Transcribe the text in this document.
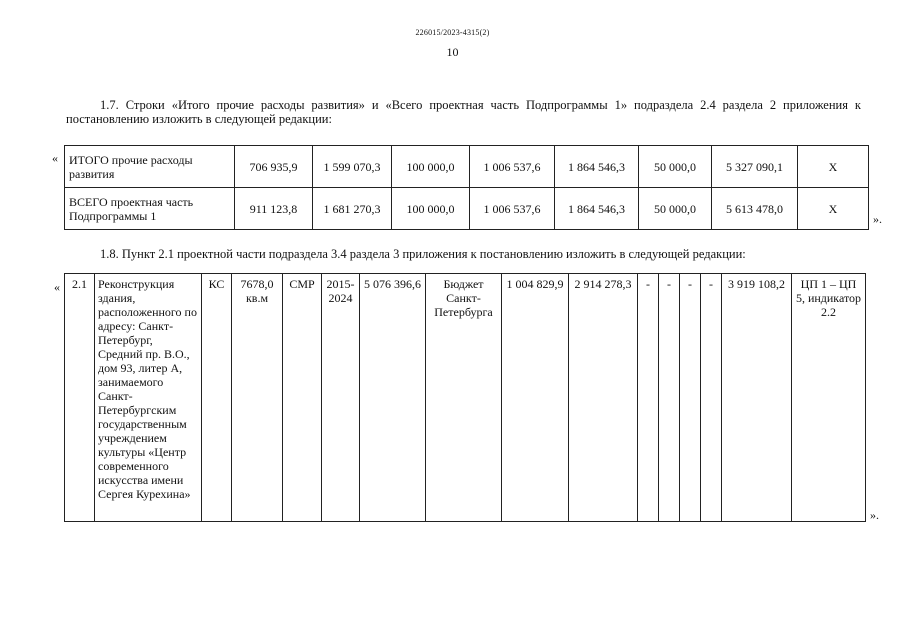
226015/2023-4315(2)
10
1.7. Строки «Итого прочие расходы развития» и «Всего проектная часть Подпрограммы 1» подраздела 2.4 раздела 2 приложения к постановлению изложить в следующей редакции:
« ИТОГО прочие расходы развития	706 935,9	1 599 070,3	100 000,0	1 006 537,6	1 864 546,3	50 000,0	5 327 090,1	X
ВСЕГО проектная часть Подпрограммы 1	911 123,8	1 681 270,3	100 000,0	1 006 537,6	1 864 546,3	50 000,0	5 613 478,0	X
».
1.8. Пункт 2.1 проектной части подраздела 3.4 раздела 3 приложения к постановлению изложить в следующей редакции:
« 2.1	Реконструкция здания, расположенного по адресу: Санкт-Петербург, Средний пр. В.О., дом 93, литер А, занимаемого Санкт-Петербургским государственным учреждением культуры «Центр современного искусства имени Сергея Курехина»	КС	7678,0 кв.м	СМР	2015-2024	5 076 396,6	Бюджет Санкт-Петербурга	1 004 829,9	2 914 278,3	-	-	-	-	3 919 108,2	ЦП 1 – ЦП 5, индикатор 2.2
».
